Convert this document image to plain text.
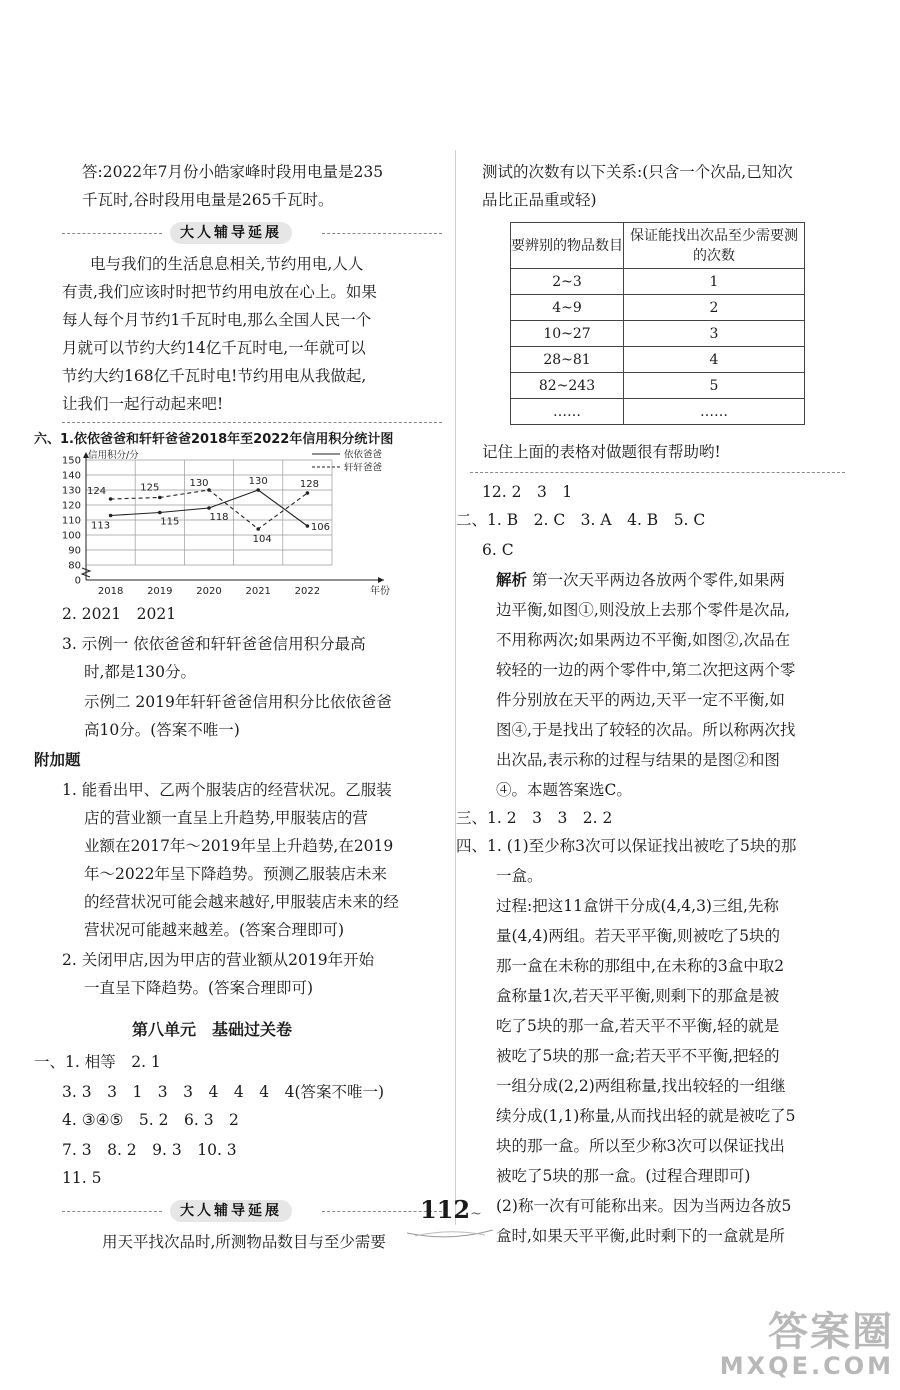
答:2022年7月份小皓家峰时段用电量是235
千瓦时,谷时段用电量是265千瓦时。
大人辅导延展
电与我们的生活息息相关,节约用电,人人
有责,我们应该时时把节约用电放在心上。如果
每人每个月节约1千瓦时电,那么全国人民一个
月就可以节约大约14亿千瓦时电,一年就可以
节约大约168亿千瓦时电!节约用电从我做起,
让我们一起行动起来吧!
六、1.依依爸爸和轩轩爸爸2018年至2022年信用积分统计图
0
80
90
100
110
120
130
140
150
2018 2019 2020 2021 2022
信用积分/分
年份
113	115	118
130
106
124	125	130
104
128
依依爸爸
轩轩爸爸
2. 2021　2021
3. 示例一 依依爸爸和轩轩爸爸信用积分最高
时,都是130分。
示例二 2019年轩轩爸爸信用积分比依依爸爸
高10分。(答案不唯一)
附加题
1. 能看出甲、乙两个服装店的经营状况。乙服装
店的营业额一直呈上升趋势,甲服装店的营
业额在2017年～2019年呈上升趋势,在2019
年～2022年呈下降趋势。预测乙服装店未来
的经营状况可能会越来越好,甲服装店未来的经
营状况可能越来越差。(答案合理即可)
2. 关闭甲店,因为甲店的营业额从2019年开始
一直呈下降趋势。(答案合理即可)
第八单元　基础过关卷
一、1. 相等　2. 1
3. 3　3　1　3　3　4　4　4　4(答案不唯一)
4. ③④⑤　5. 2　6. 3　2
7. 3　8. 2　9. 3　10. 3
11. 5
大人辅导延展
用天平找次品时,所测物品数目与至少需要
测试的次数有以下关系:(只含一个次品,已知次
品比正品重或轻)
要辨别的物品数目	保证能找出次品至少需要测的次数
2~3	1
4~9	2
10~27	3
28~81	4
82~243	5
……	……
记住上面的表格对做题很有帮助哟!
12. 2　3　1
二、1. B　2. C　3. A　4. B　5. C
6. C
解析 第一次天平两边各放两个零件,如果两
边平衡,如图①,则没放上去那个零件是次品,
不用称两次;如果两边不平衡,如图②,次品在
较轻的一边的两个零件中,第二次把这两个零
件分别放在天平的两边,天平一定不平衡,如
图④,于是找出了较轻的次品。所以称两次找
出次品,表示称的过程与结果的是图②和图
④。本题答案选C。
三、1. 2　3　3　2. 2
四、1. (1)至少称3次可以保证找出被吃了5块的那
一盒。
过程:把这11盒饼干分成(4,4,3)三组,先称
量(4,4)两组。若天平平衡,则被吃了5块的
那一盒在未称的那组中,在未称的3盒中取2
盒称量1次,若天平平衡,则剩下的那盒是被
吃了5块的那一盒,若天平不平衡,轻的就是
被吃了5块的那一盒;若天平不平衡,把轻的
一组分成(2,2)两组称量,找出较轻的一组继
续分成(1,1)称量,从而找出轻的就是被吃了5
块的那一盒。所以至少称3次可以保证找出
被吃了5块的那一盒。(过程合理即可)
(2)称一次有可能称出来。因为当两边各放5
盒时,如果天平平衡,此时剩下的一盒就是所
112~
答案圈
MXQE.COM
